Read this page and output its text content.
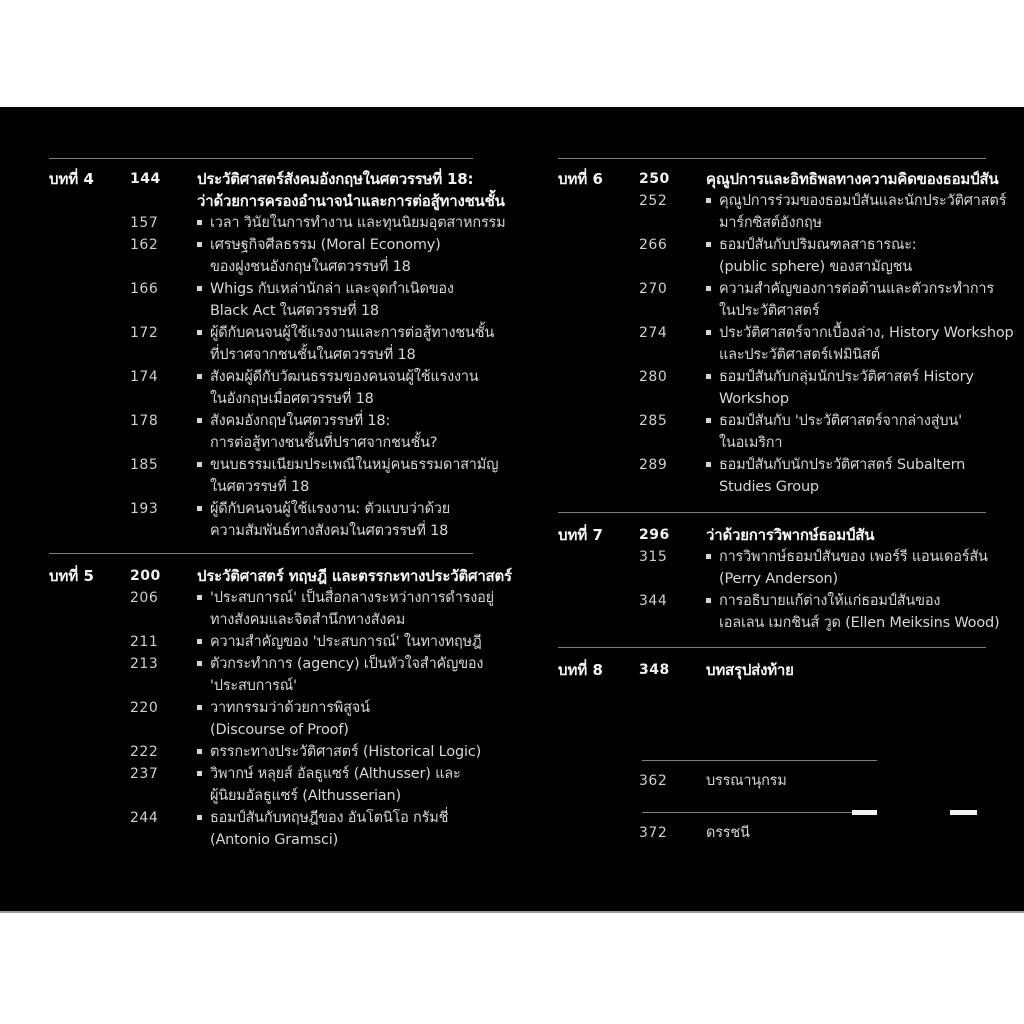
บทที่ 4	144	ประวัติศาสตร์สังคมอังกฤษในศตวรรษที่ 18:
ว่าด้วยการครองอำนาจนำและการต่อสู้ทางชนชั้น
157	เวลา วินัยในการทำงาน และทุนนิยมอุตสาหกรรม
162	เศรษฐกิจศีลธรรม (Moral Economy)
ของฝูงชนอังกฤษในศตวรรษที่ 18
166	Whigs กับเหล่านักล่า และจุดกำเนิดของ
Black Act ในศตวรรษที่ 18
172	ผู้ดีกับคนจนผู้ใช้แรงงานและการต่อสู้ทางชนชั้น
ที่ปราศจากชนชั้นในศตวรรษที่ 18
174	สังคมผู้ดีกับวัฒนธรรมของคนจนผู้ใช้แรงงาน
ในอังกฤษเมื่อศตวรรษที่ 18
178	สังคมอังกฤษในศตวรรษที่ 18:
การต่อสู้ทางชนชั้นที่ปราศจากชนชั้น?
185	ขนบธรรมเนียมประเพณีในหมู่คนธรรมดาสามัญ
ในศตวรรษที่ 18
193	ผู้ดีกับคนจนผู้ใช้แรงงาน: ตัวแบบว่าด้วย
ความสัมพันธ์ทางสังคมในศตวรรษที่ 18
บทที่ 5	200	ประวัติศาสตร์ ทฤษฎี และตรรกะทางประวัติศาสตร์
206	'ประสบการณ์' เป็นสื่อกลางระหว่างการดำรงอยู่
ทางสังคมและจิตสำนึกทางสังคม
211	ความสำคัญของ 'ประสบการณ์' ในทางทฤษฎี
213	ตัวกระทำการ (agency) เป็นหัวใจสำคัญของ
'ประสบการณ์'
220	วาทกรรมว่าด้วยการพิสูจน์
(Discourse of Proof)
222	ตรรกะทางประวัติศาสตร์ (Historical Logic)
237	วิพากษ์ หลุยส์ อัลธูแซร์ (Althusser) และ
ผู้นิยมอัลธูแซร์ (Althusserian)
244	ธอมป์สันกับทฤษฎีของ อันโตนิโอ กรัมชี่
(Antonio Gramsci)
บทที่ 6	250	คุณูปการและอิทธิพลทางความคิดของธอมป์สัน
252	คุณูปการร่วมของธอมป์สันและนักประวัติศาสตร์
มาร์กซิสต์อังกฤษ
266	ธอมป์สันกับปริมณฑลสาธารณะ:
(public sphere) ของสามัญชน
270	ความสำคัญของการต่อต้านและตัวกระทำการ
ในประวัติศาสตร์
274	ประวัติศาสตร์จากเบื้องล่าง, History Workshop
และประวัติศาสตร์เฟมินิสต์
280	ธอมป์สันกับกลุ่มนักประวัติศาสตร์ History
Workshop
285	ธอมป์สันกับ 'ประวัติศาสตร์จากล่างสู่บน'
ในอเมริกา
289	ธอมป์สันกับนักประวัติศาสตร์ Subaltern
Studies Group
บทที่ 7	296	ว่าด้วยการวิพากษ์ธอมป์สัน
315	การวิพากษ์ธอมป์สันของ เพอร์รี แอนเดอร์สัน
(Perry Anderson)
344	การอธิบายแก้ต่างให้แก่ธอมป์สันของ
เอลเลน เมกชินส์ วูด (Ellen Meiksins Wood)
บทที่ 8	348	บทสรุปส่งท้าย
362	บรรณานุกรม
372	ดรรชนี
